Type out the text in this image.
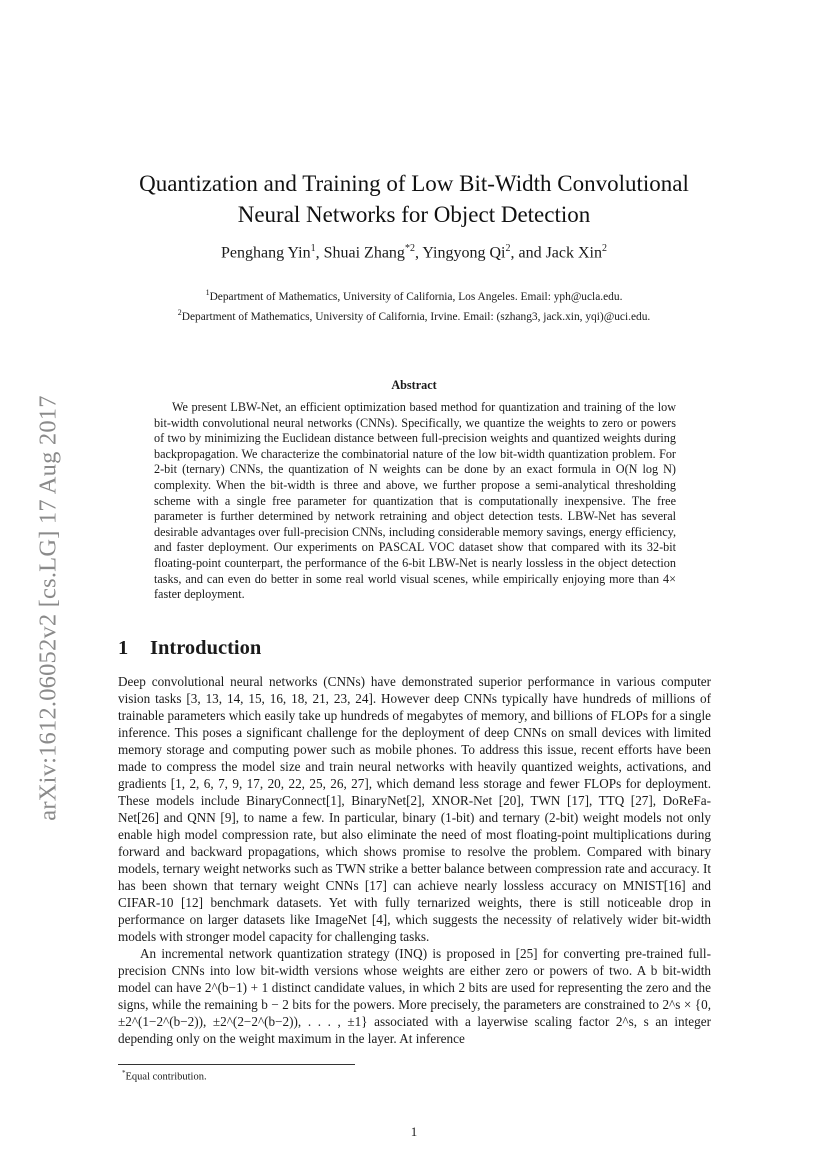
arXiv:1612.06052v2 [cs.LG] 17 Aug 2017
Quantization and Training of Low Bit-Width Convolutional
Neural Networks for Object Detection
Penghang Yin$^1$, Shuai Zhang$^{*2}$, Yingyong Qi$^2$, and Jack Xin$^2$
$^1$Department of Mathematics, University of California, Los Angeles. Email: yph@ucla.edu.
$^2$Department of Mathematics, University of California, Irvine. Email: (szhang3, jack.xin, yqi)@uci.edu.
Abstract

We present LBW-Net, an efficient optimization based method for quantization and training of the low bit-width convolutional neural networks (CNNs). Specifically, we quantize the weights to zero or powers of two by minimizing the Euclidean distance between full-precision weights and quantized weights during backpropagation. We characterize the combinatorial nature of the low bit-width quantization problem. For 2-bit (ternary) CNNs, the quantization of N weights can be done by an exact formula in O(N log N) complexity. When the bit-width is three and above, we further propose a semi-analytical thresholding scheme with a single free parameter for quantization that is computationally inexpensive. The free parameter is further determined by network retraining and object detection tests. LBW-Net has several desirable advantages over full-precision CNNs, including considerable memory savings, energy efficiency, and faster deployment. Our experiments on PASCAL VOC dataset show that compared with its 32-bit floating-point counterpart, the performance of the 6-bit LBW-Net is nearly lossless in the object detection tasks, and can even do better in some real world visual scenes, while empirically enjoying more than 4× faster deployment.

1 Introduction

Deep convolutional neural networks (CNNs) have demonstrated superior performance in various computer vision tasks [3, 13, 14, 15, 16, 18, 21, 23, 24]. However deep CNNs typically have hundreds of millions of trainable parameters which easily take up hundreds of megabytes of memory, and billions of FLOPs for a single inference. This poses a significant challenge for the deployment of deep CNNs on small devices with limited memory storage and computing power such as mobile phones. To address this issue, recent efforts have been made to compress the model size and train neural networks with heavily quantized weights, activations, and gradients [1, 2, 6, 7, 9, 17, 20, 22, 25, 26, 27], which demand less storage and fewer FLOPs for deployment. These models include BinaryConnect[1], BinaryNet[2], XNOR-Net [20], TWN [17], TTQ [27], DoReFa-Net[26] and QNN [9], to name a few. In particular, binary (1-bit) and ternary (2-bit) weight models not only enable high model compression rate, but also eliminate the need of most floating-point multiplications during forward and backward propagations, which shows promise to resolve the problem. Compared with binary models, ternary weight networks such as TWN strike a better balance between compression rate and accuracy. It has been shown that ternary weight CNNs [17] can achieve nearly lossless accuracy on MNIST[16] and CIFAR-10 [12] benchmark datasets. Yet with fully ternarized weights, there is still noticeable drop in performance on larger datasets like ImageNet [4], which suggests the necessity of relatively wider bit-width models with stronger model capacity for challenging tasks.

An incremental network quantization strategy (INQ) is proposed in [25] for converting pre-trained full-precision CNNs into low bit-width versions whose weights are either zero or powers of two. A b bit-width model can have 2^(b−1) + 1 distinct candidate values, in which 2 bits are used for representing the zero and the signs, while the remaining b − 2 bits for the powers. More precisely, the parameters are constrained to 2^s × {0, ±2^(1−2^(b−2)), ±2^(2−2^(b−2)), . . . , ±1} associated with a layerwise scaling factor 2^s, s an integer depending only on the weight maximum in the layer. At inference

*Equal contribution.
1
